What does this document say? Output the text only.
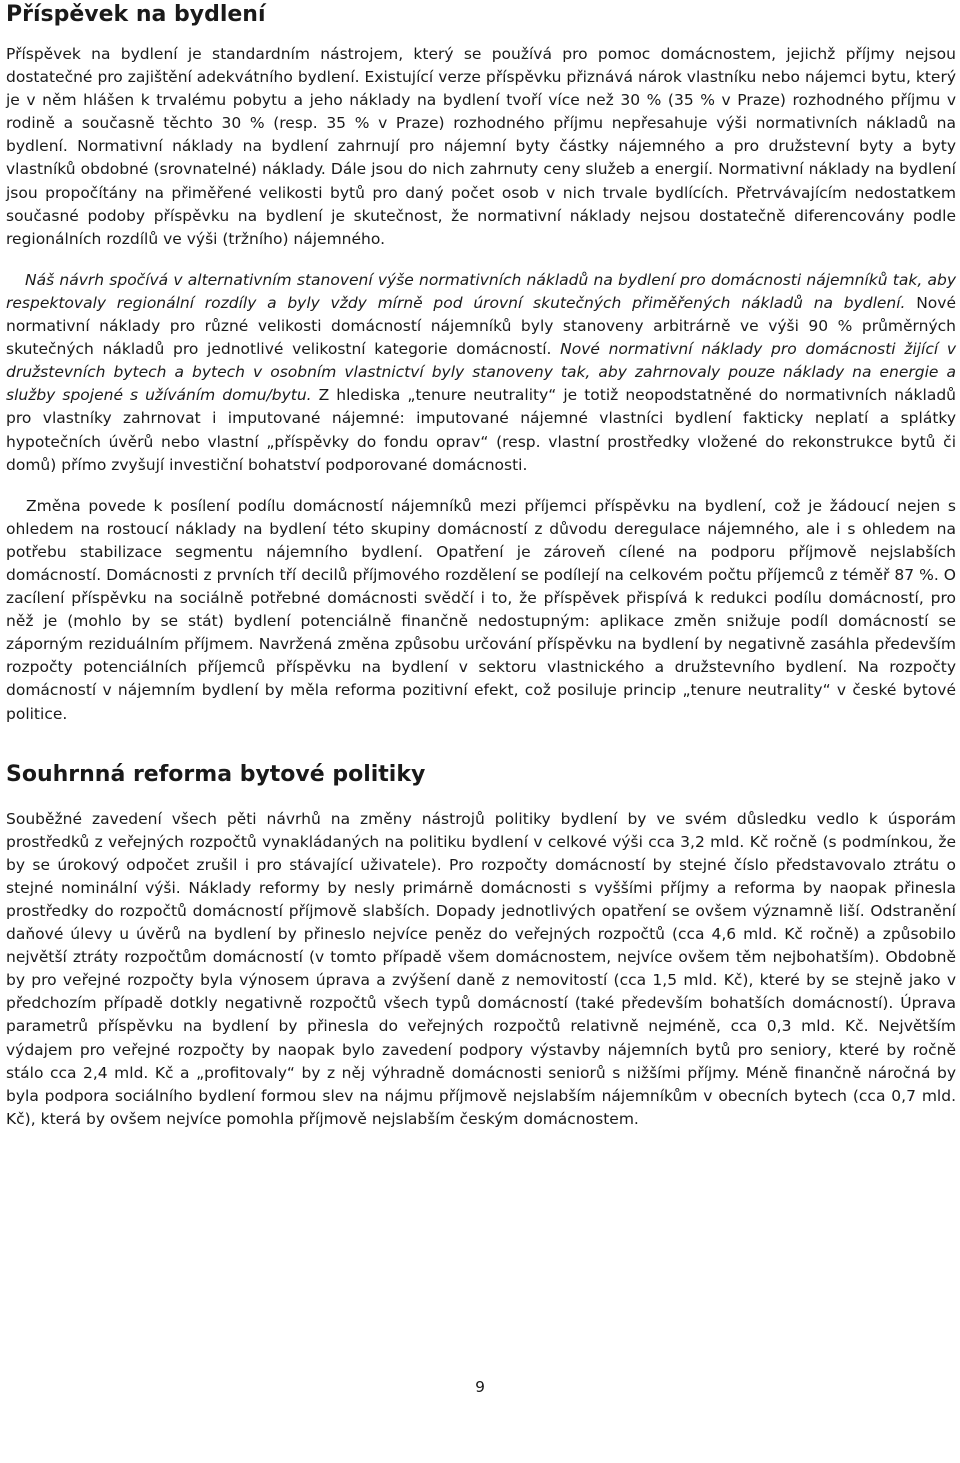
Příspěvek na bydlení

Příspěvek na bydlení je standardním nástrojem, který se používá pro pomoc domácnostem, jejichž příjmy nejsou dostatečné pro zajištění adekvátního bydlení. Existující verze příspěvku přiznává nárok vlastníku nebo nájemci bytu, který je v něm hlášen k trvalému pobytu a jeho náklady na bydlení tvoří více než 30 % (35 % v Praze) rozhodného příjmu v rodině a současně těchto 30 % (resp. 35 % v Praze) rozhodného příjmu nepřesahuje výši normativních nákladů na bydlení. Normativní náklady na bydlení zahrnují pro nájemní byty částky nájemného a pro družstevní byty a byty vlastníků obdobné (srovnatelné) náklady. Dále jsou do nich zahrnuty ceny služeb a energií. Normativní náklady na bydlení jsou propočítány na přiměřené velikosti bytů pro daný počet osob v nich trvale bydlících. Přetrvávajícím nedostatkem současné podoby příspěvku na bydlení je skutečnost, že normativní náklady nejsou dostatečně diferencovány podle regionálních rozdílů ve výši (tržního) nájemného.

Náš návrh spočívá v alternativním stanovení výše normativních nákladů na bydlení pro domácnosti nájemníků tak, aby respektovaly regionální rozdíly a byly vždy mírně pod úrovní skutečných přiměřených nákladů na bydlení. Nové normativní náklady pro různé velikosti domácností nájemníků byly stanoveny arbitrárně ve výši 90 % průměrných skutečných nákladů pro jednotlivé velikostní kategorie domácností. Nové normativní náklady pro domácnosti žijící v družstevních bytech a bytech v osobním vlastnictví byly stanoveny tak, aby zahrnovaly pouze náklady na energie a služby spojené s užíváním domu/bytu. Z hlediska „tenure neutrality“ je totiž neopodstatněné do normativních nákladů pro vlastníky zahrnovat i imputované nájemné: imputované nájemné vlastníci bydlení fakticky neplatí a splátky hypotečních úvěrů nebo vlastní „příspěvky do fondu oprav“ (resp. vlastní prostředky vložené do rekonstrukce bytů či domů) přímo zvyšují investiční bohatství podporované domácnosti.

Změna povede k posílení podílu domácností nájemníků mezi příjemci příspěvku na bydlení, což je žádoucí nejen s ohledem na rostoucí náklady na bydlení této skupiny domácností z důvodu deregulace nájemného, ale i s ohledem na potřebu stabilizace segmentu nájemního bydlení. Opatření je zároveň cílené na podporu příjmově nejslabších domácností. Domácnosti z prvních tří decilů příjmového rozdělení se podílejí na celkovém počtu příjemců z téměř 87 %. O zacílení příspěvku na sociálně potřebné domácnosti svědčí i to, že příspěvek přispívá k redukci podílu domácností, pro něž je (mohlo by se stát) bydlení potenciálně finančně nedostupným: aplikace změn snižuje podíl domácností se záporným reziduálním příjmem. Navržená změna způsobu určování příspěvku na bydlení by negativně zasáhla především rozpočty potenciálních příjemců příspěvku na bydlení v sektoru vlastnického a družstevního bydlení. Na rozpočty domácností v nájemním bydlení by měla reforma pozitivní efekt, což posiluje princip „tenure neutrality“ v české bytové politice.

Souhrnná reforma bytové politiky

Souběžné zavedení všech pěti návrhů na změny nástrojů politiky bydlení by ve svém důsledku vedlo k úsporám prostředků z veřejných rozpočtů vynakládaných na politiku bydlení v celkové výši cca 3,2 mld. Kč ročně (s podmínkou, že by se úrokový odpočet zrušil i pro stávající uživatele). Pro rozpočty domácností by stejné číslo představovalo ztrátu o stejné nominální výši. Náklady reformy by nesly primárně domácnosti s vyššími příjmy a reforma by naopak přinesla prostředky do rozpočtů domácností příjmově slabších. Dopady jednotlivých opatření se ovšem významně liší. Odstranění daňové úlevy u úvěrů na bydlení by přineslo nejvíce peněz do veřejných rozpočtů (cca 4,6 mld. Kč ročně) a způsobilo největší ztráty rozpočtům domácností (v tomto případě všem domácnostem, nejvíce ovšem těm nejbohatším). Obdobně by pro veřejné rozpočty byla výnosem úprava a zvýšení daně z nemovitostí (cca 1,5 mld. Kč), které by se stejně jako v předchozím případě dotkly negativně rozpočtů všech typů domácností (také především bohatších domácností). Úprava parametrů příspěvku na bydlení by přinesla do veřejných rozpočtů relativně nejméně, cca 0,3 mld. Kč. Největším výdajem pro veřejné rozpočty by naopak bylo zavedení podpory výstavby nájemních bytů pro seniory, které by ročně stálo cca 2,4 mld. Kč a „profitovaly“ by z něj výhradně domácnosti seniorů s nižšími příjmy. Méně finančně náročná by byla podpora sociálního bydlení formou slev na nájmu příjmově nejslabším nájemníkům v obecních bytech (cca 0,7 mld. Kč), která by ovšem nejvíce pomohla příjmově nejslabším českým domácnostem.

9
